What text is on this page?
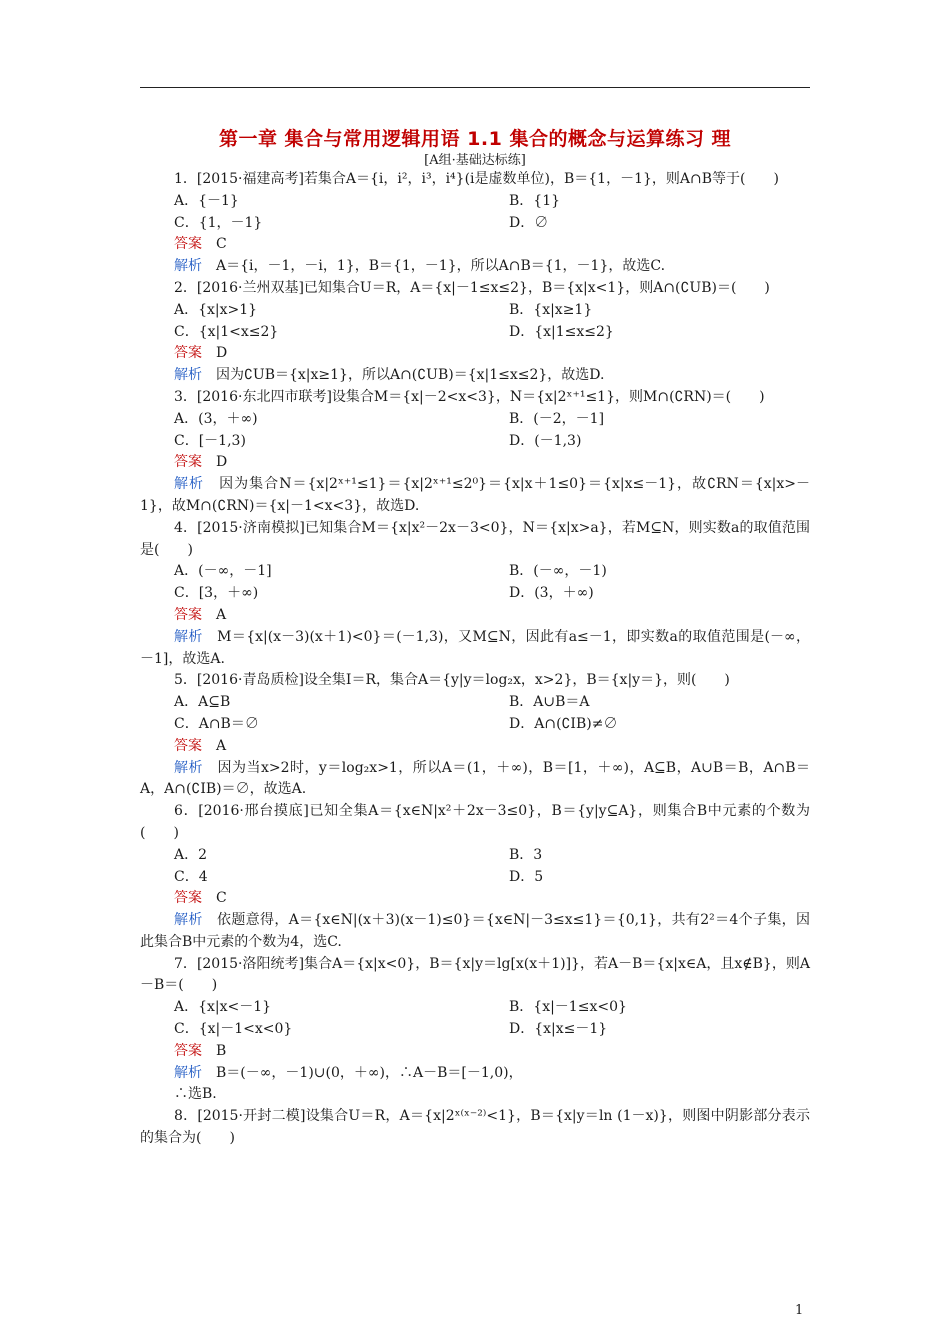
第一章 集合与常用逻辑用语 1.1 集合的概念与运算练习 理
[A组·基础达标练]

1．[2015·福建高考]若集合A＝{i，i²，i³，i⁴}(i是虚数单位)，B＝{1，－1}，则A∩B等于(　　)

A．{－1}	B．{1}
C．{1，－1}	D．∅

答案　 C

解析　 A＝{i，－1，－i，1}，B＝{1，－1}，所以A∩B＝{1，－1}，故选C.

2．[2016·兰州双基]已知集合U＝R，A＝{x|－1≤x≤2}，B＝{x|x<1}，则A∩(∁UB)＝(　　)

A．{x|x>1}	B．{x|x≥1}
C．{x|1<x≤2}	D．{x|1≤x≤2}

答案　 D

解析　 因为∁UB＝{x|x≥1}，所以A∩(∁UB)＝{x|1≤x≤2}，故选D.

3．[2016·东北四市联考]设集合M＝{x|－2<x<3}，N＝{x|2ˣ⁺¹≤1}，则M∩(∁RN)＝(　　)

A．(3，＋∞)	B．(－2，－1]
C．[－1,3)	D．(－1,3)

答案　 D

解析　 因为集合N＝{x|2ˣ⁺¹≤1}＝{x|2ˣ⁺¹≤2⁰}＝{x|x＋1≤0}＝{x|x≤－1}，故∁RN＝{x|x>－1}，故M∩(∁RN)＝{x|－1<x<3}，故选D.

4．[2015·济南模拟]已知集合M＝{x|x²－2x－3<0}，N＝{x|x>a}，若M⊆N，则实数a的取值范围是(　　)

A．(－∞，－1]	B．(－∞，－1)
C．[3，＋∞)	D．(3，＋∞)

答案　 A

解析　 M＝{x|(x－3)(x＋1)<0}＝(－1,3)，又M⊆N，因此有a≤－1，即实数a的取值范围是(－∞，－1]，故选A.

5．[2016·青岛质检]设全集I＝R，集合A＝{y|y＝log₂x，x>2}，B＝{x|y＝}，则(　　)

A．A⊆B	B．A∪B＝A
C．A∩B＝∅	D．A∩(∁IB)≠∅

答案　 A

解析　 因为当x>2时，y＝log₂x>1，所以A＝(1，＋∞)，B＝[1，＋∞)，A⊆B，A∪B＝B，A∩B＝A，A∩(∁IB)＝∅，故选A.

6．[2016·邢台摸底]已知全集A＝{x∈N|x²＋2x－3≤0}，B＝{y|y⊆A}，则集合B中元素的个数为(　　)

A．2	B．3
C．4	D．5

答案　 C

解析　 依题意得，A＝{x∈N|(x＋3)(x－1)≤0}＝{x∈N|－3≤x≤1}＝{0,1}，共有2²＝4个子集，因此集合B中元素的个数为4，选C.

7．[2015·洛阳统考]集合A＝{x|x<0}，B＝{x|y＝lg[x(x＋1)]}，若A－B＝{x|x∈A，且x∉B}，则A－B＝(　　)

A．{x|x<－1}	B．{x|－1≤x<0}
C．{x|－1<x<0}	D．{x|x≤－1}

答案　 B

解析　 B＝(－∞，－1)∪(0，＋∞)，∴A－B＝[－1,0)，

∴选B.

8．[2015·开封二模]设集合U＝R，A＝{x|2ˣ⁽ˣ⁻²⁾<1}，B＝{x|y＝ln (1－x)}，则图中阴影部分表示的集合为(　　)

1
